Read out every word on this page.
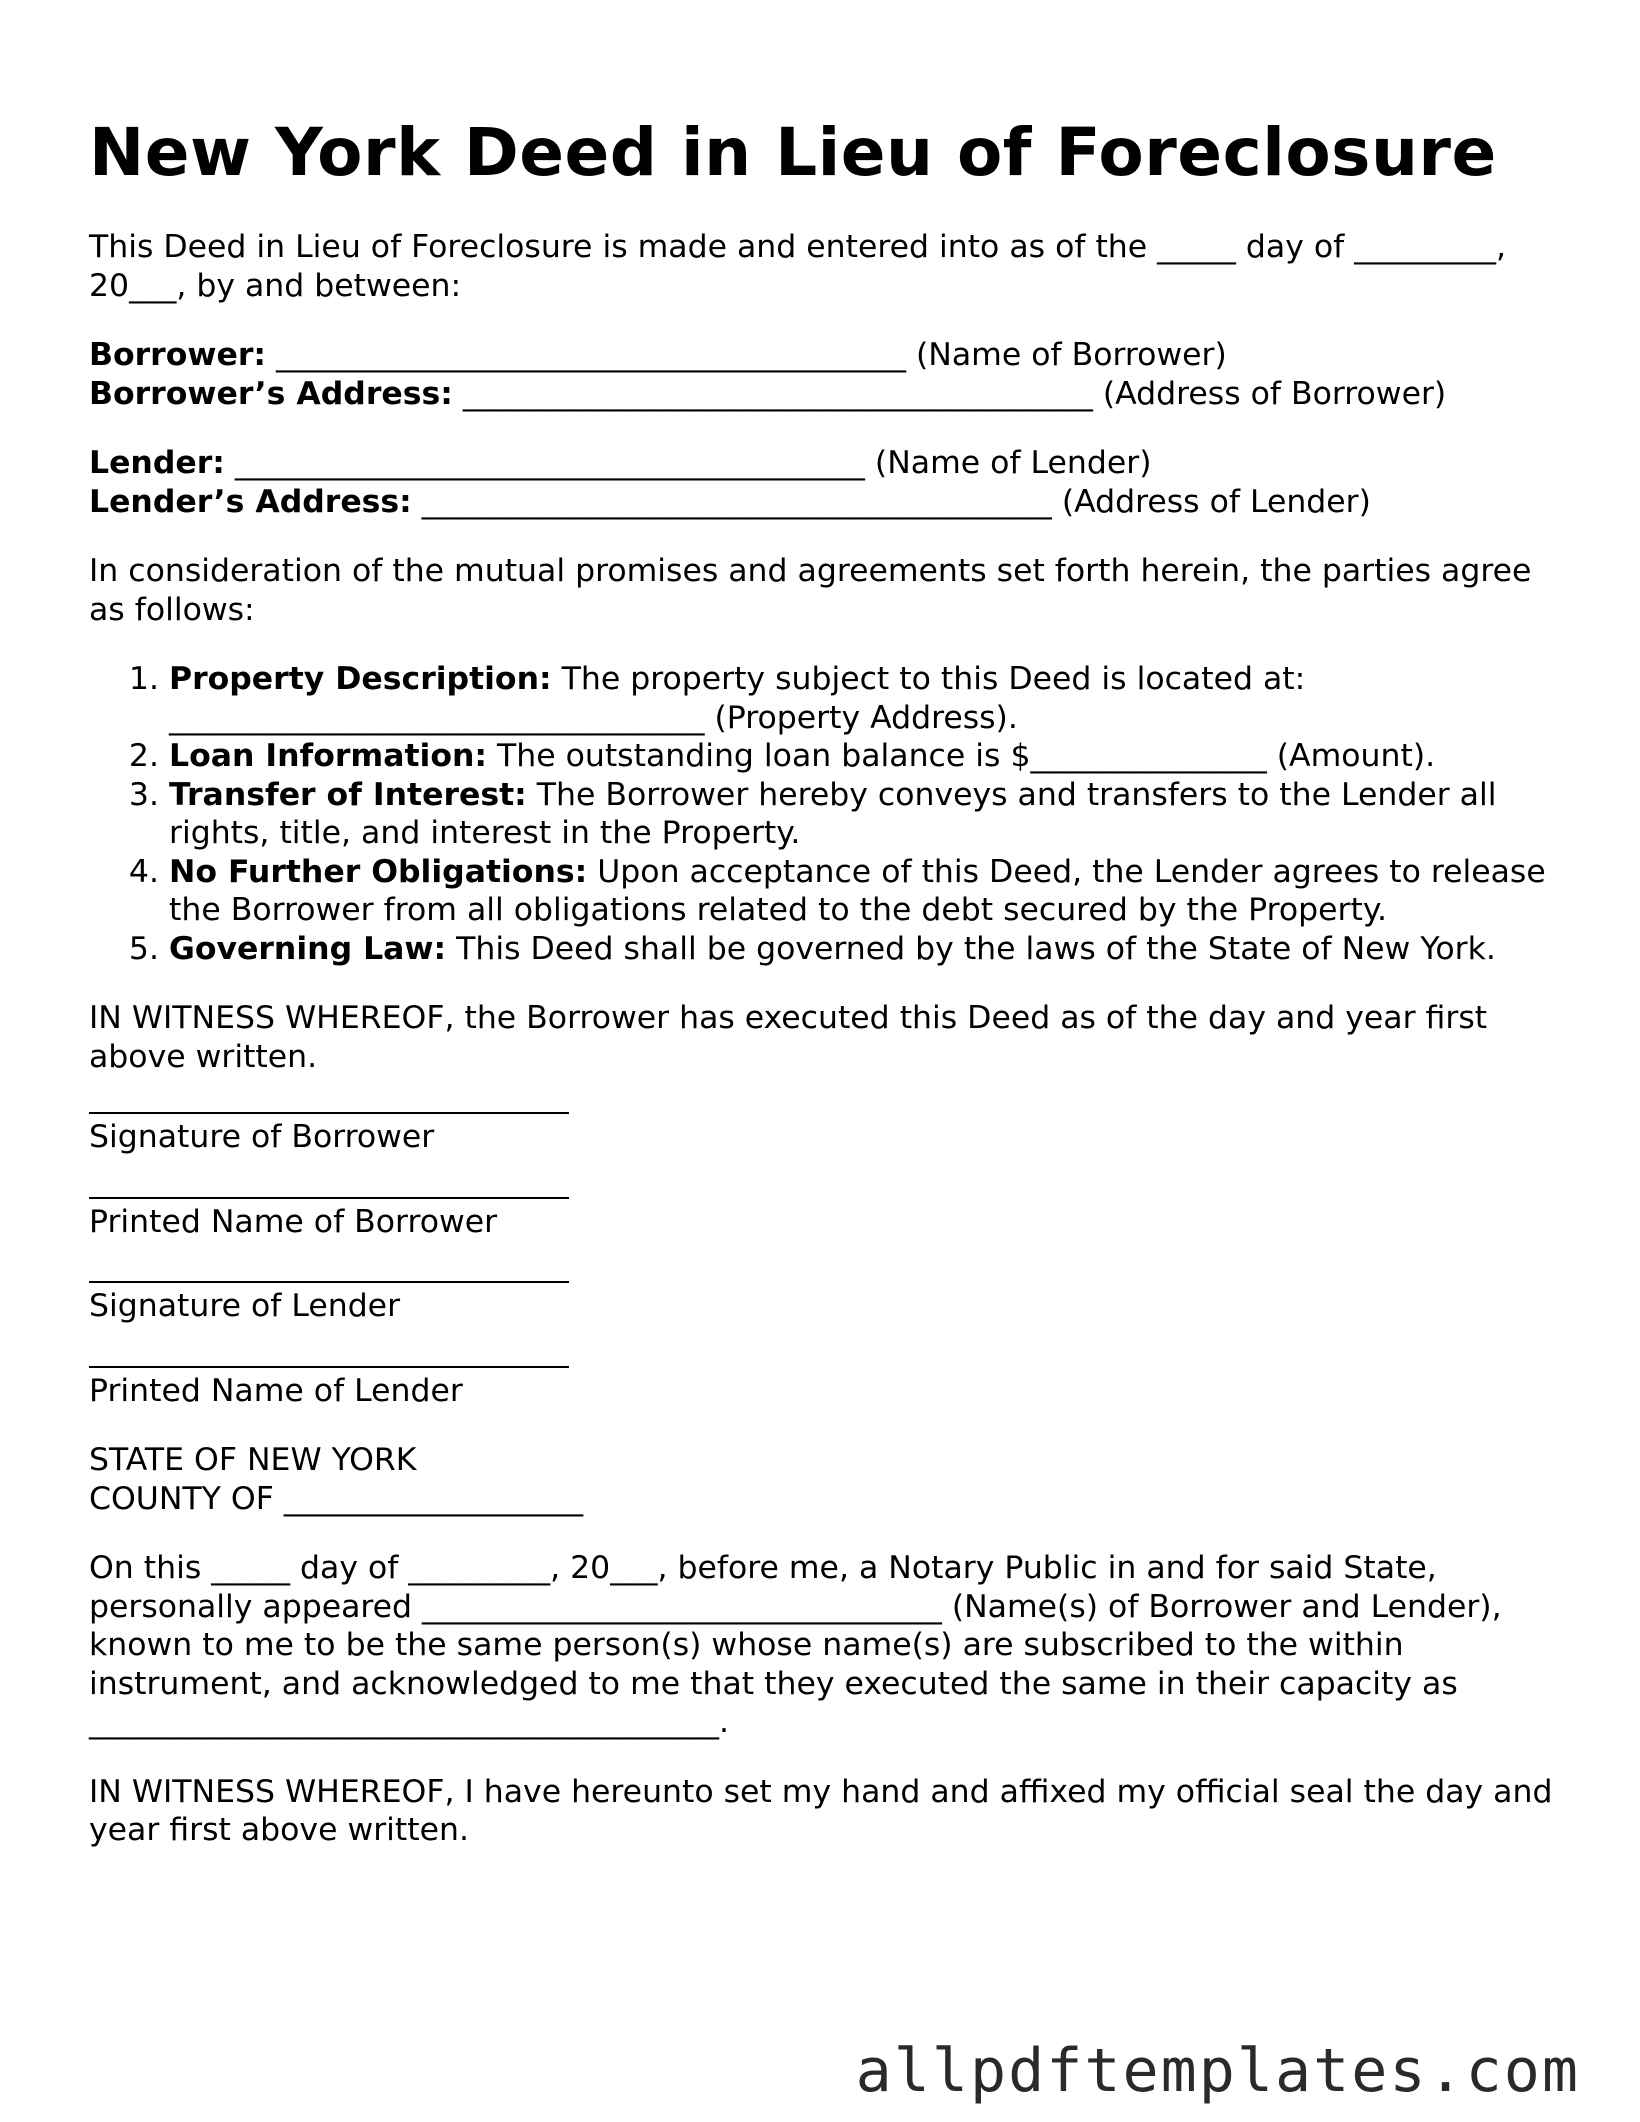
New York Deed in Lieu of Foreclosure

This Deed in Lieu of Foreclosure is made and entered into as of the _____ day of _________, 20___, by and between:

Borrower: ________________________________________ (Name of Borrower)
Borrower’s Address: ________________________________________ (Address of Borrower)
Lender: ________________________________________ (Name of Lender)
Lender’s Address: ________________________________________ (Address of Lender)

In consideration of the mutual promises and agreements set forth herein, the parties agree as follows:

1. Property Description: The property subject to this Deed is located at: __________________________________ (Property Address).
2. Loan Information: The outstanding loan balance is $_______________ (Amount).
3. Transfer of Interest: The Borrower hereby conveys and transfers to the Lender all rights, title, and interest in the Property.
4. No Further Obligations: Upon acceptance of this Deed, the Lender agrees to release the Borrower from all obligations related to the debt secured by the Property.
5. Governing Law: This Deed shall be governed by the laws of the State of New York.

IN WITNESS WHEREOF, the Borrower has executed this Deed as of the day and year first above written.

Signature of Borrower
Printed Name of Borrower
Signature of Lender
Printed Name of Lender
STATE OF NEW YORK
COUNTY OF ___________________

On this _____ day of _________, 20___, before me, a Notary Public in and for said State, personally appeared _________________________________ (Name(s) of Borrower and Lender), known to me to be the same person(s) whose name(s) are subscribed to the within instrument, and acknowledged to me that they executed the same in their capacity as ________________________________________.

IN WITNESS WHEREOF, I have hereunto set my hand and affixed my official seal the day and year first above written.

allpdftemplates.com
